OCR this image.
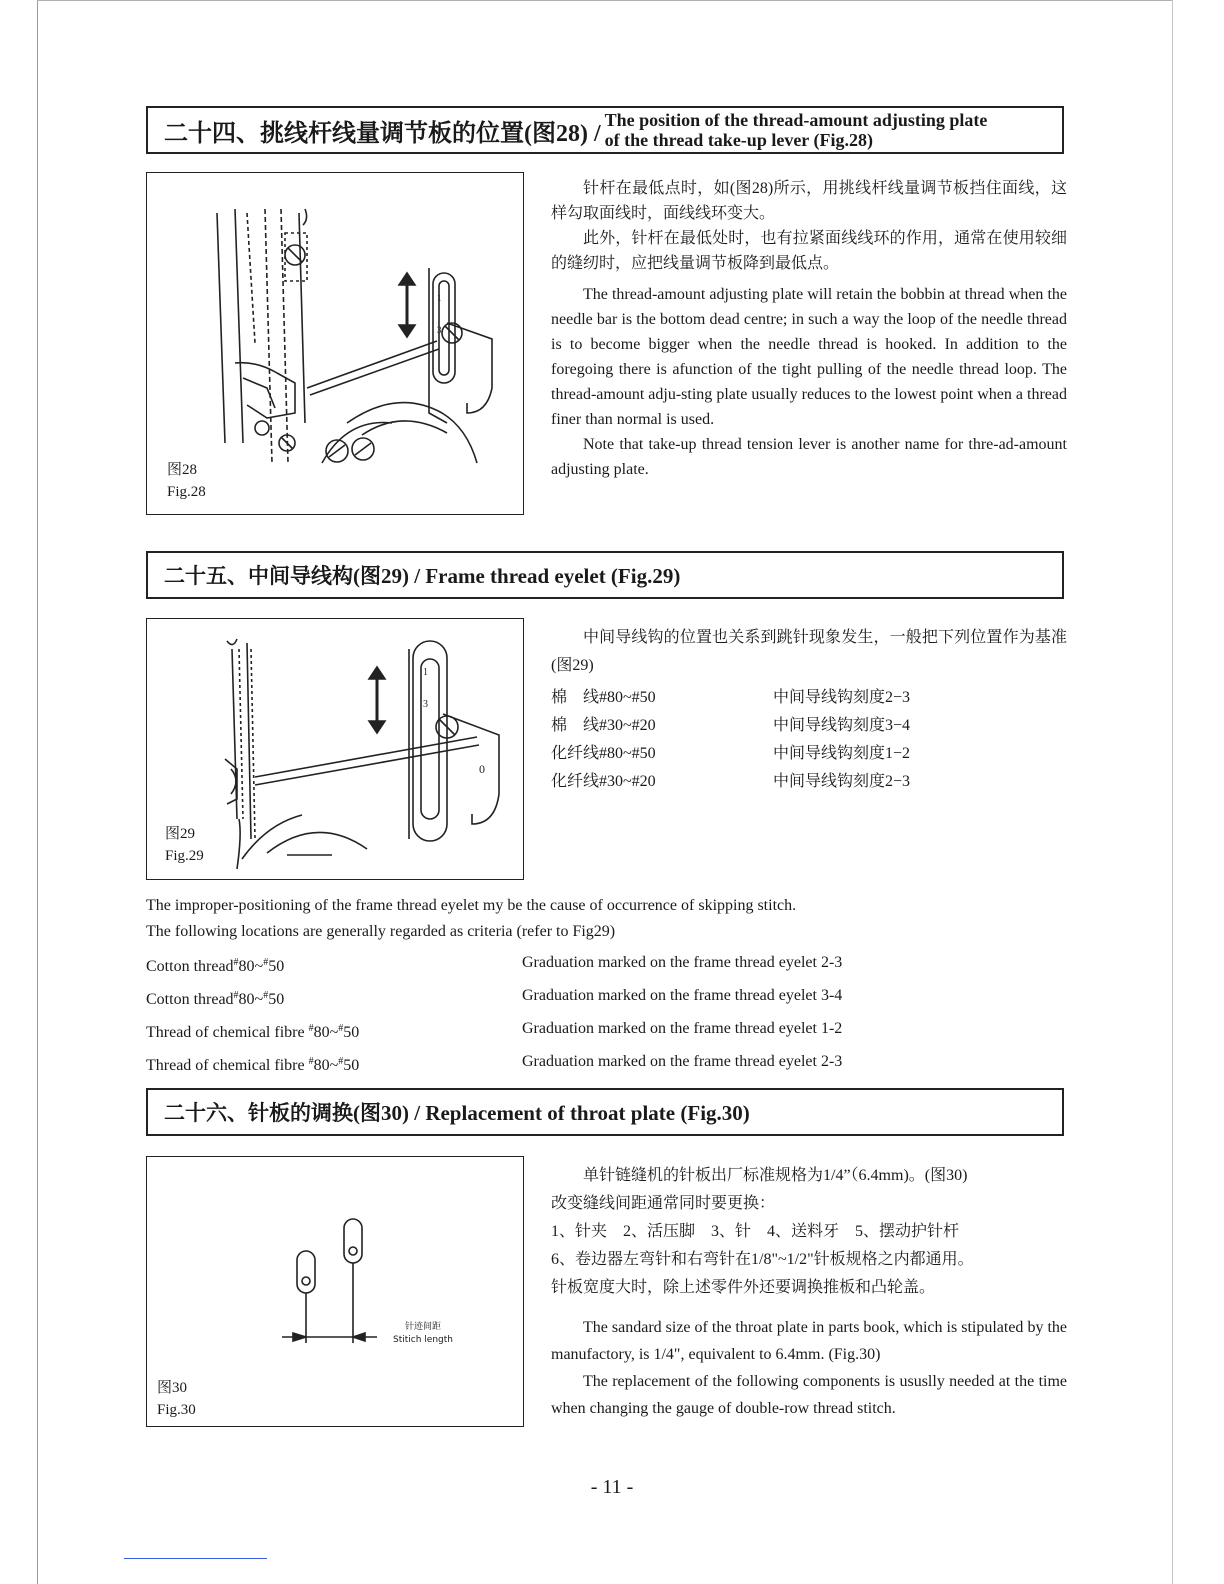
二十四、挑线杆线量调节板的位置(图28) /
The position of the thread-amount adjusting plate
of the thread take-up lever (Fig.28)
1
3
图28
Fig.28

针杆在最低点时，如(图28)所示，用挑线杆线量调节板挡住面线，这样勾取面线时，面线线环变大。

此外，针杆在最低处时，也有拉紧面线线环的作用，通常在使用较细的缝纫时，应把线量调节板降到最低点。

The thread-amount adjusting plate will retain the bobbin at thread when the needle bar is the bottom dead centre; in such a way the loop of the needle thread is to become bigger when the needle thread is hooked. In addition to the foregoing there is afunction of the tight pulling of the needle thread loop. The thread-amount adju-sting plate usually reduces to the lowest point when a thread finer than normal is used.

Note that take-up thread tension lever is another name for thre-ad-amount adjusting plate.

二十五、中间导线构(图29) / Frame thread eyelet (Fig.29)
1
3
0
图29
Fig.29

中间导线钩的位置也关系到跳针现象发生，一般把下列位置作为基准(图29)

棉　线#80~#50	中间导线钩刻度2−3
棉　线#30~#20	中间导线钩刻度3−4
化纤线#80~#50	中间导线钩刻度1−2
化纤线#30~#20	中间导线钩刻度2−3
The improper-positioning of the frame thread eyelet my be the cause of occurrence of skipping stitch.
The following locations are generally regarded as criteria (refer to Fig29)
Cotton thread#80~#50	Graduation marked on the frame thread eyelet 2-3
Cotton thread#80~#50	Graduation marked on the frame thread eyelet 3-4
Thread of chemical fibre #80~#50	Graduation marked on the frame thread eyelet 1-2
Thread of chemical fibre #80~#50	Graduation marked on the frame thread eyelet 2-3
二十六、针板的调换(图30) / Replacement of throat plate (Fig.30)
针迹间距
Stitich length
图30
Fig.30

单针链缝机的针板出厂标准规格为1/4”（6.4mm)。(图30)

改变缝线间距通常同时要更换：

1、针夹　2、活压脚　3、针　4、送料牙　5、摆动护针杆

6、卷边器左弯针和右弯针在1/8"~1/2"针板规格之内都通用。

针板宽度大时，除上述零件外还要调换推板和凸轮盖。

The sandard size of the throat plate in parts book, which is stipulated by the manufactory, is 1/4", equivalent to 6.4mm. (Fig.30)

The replacement of the following components is ususlly needed at the time when changing the gauge of double-row thread stitch.

- 11 -
